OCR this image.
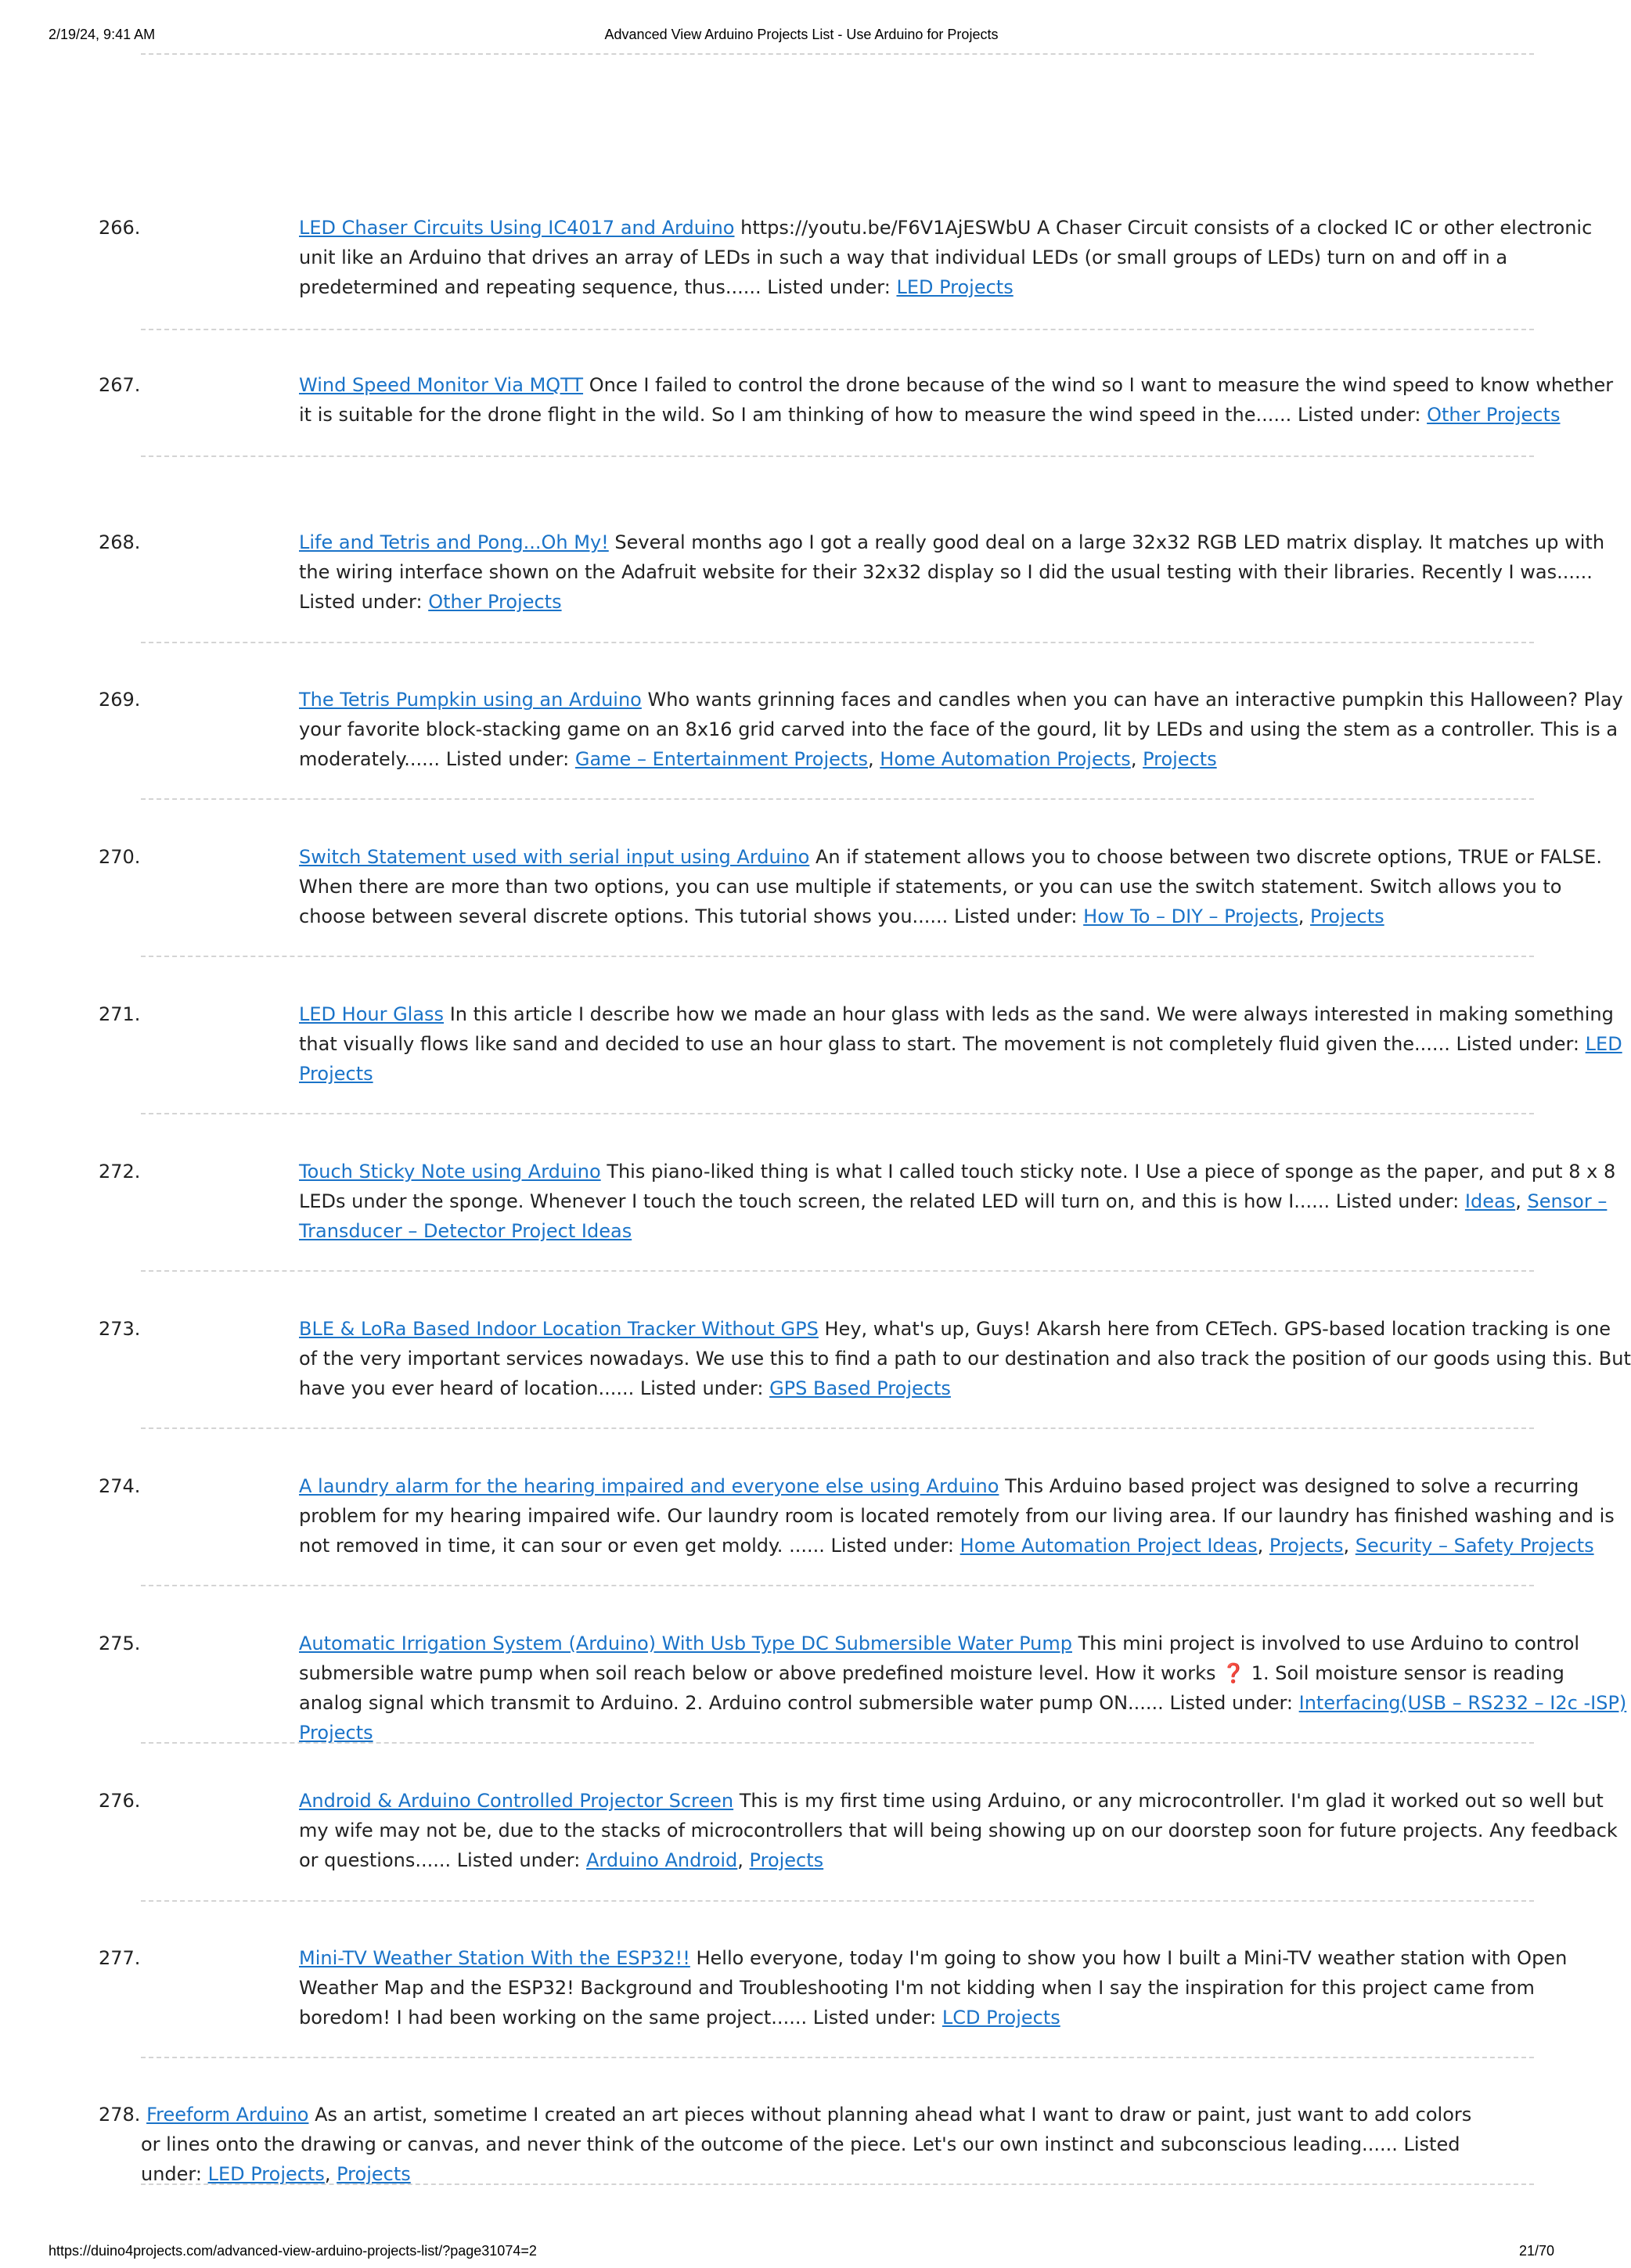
2/19/24, 9:41 AM	Advanced View Arduino Projects List - Use Arduino for Projects
266.	LED Chaser Circuits Using IC4017 and Arduino https://youtu.be/F6V1AjESWbU A Chaser Circuit consists of a clocked IC or other electronic unit like an Arduino that drives an array of LEDs in such a way that individual LEDs (or small groups of LEDs) turn on and off in a predetermined and repeating sequence, thus...... Listed under: LED Projects
267.	Wind Speed Monitor Via MQTT Once I failed to control the drone because of the wind so I want to measure the wind speed to know whether it is suitable for the drone flight in the wild. So I am thinking of how to measure the wind speed in the...... Listed under: Other Projects
268.	Life and Tetris and Pong...Oh My! Several months ago I got a really good deal on a large 32x32 RGB LED matrix display. It matches up with the wiring interface shown on the Adafruit website for their 32x32 display so I did the usual testing with their libraries. Recently I was...... Listed under: Other Projects
269.	The Tetris Pumpkin using an Arduino Who wants grinning faces and candles when you can have an interactive pumpkin this Halloween? Play your favorite block-stacking game on an 8x16 grid carved into the face of the gourd, lit by LEDs and using the stem as a controller. This is a moderately...... Listed under: Game – Entertainment Projects, Home Automation Projects, Projects
270.	Switch Statement used with serial input using Arduino An if statement allows you to choose between two discrete options, TRUE or FALSE. When there are more than two options, you can use multiple if statements, or you can use the switch statement. Switch allows you to choose between several discrete options. This tutorial shows you...... Listed under: How To – DIY – Projects, Projects
271.	LED Hour Glass In this article I describe how we made an hour glass with leds as the sand. We were always interested in making something that visually flows like sand and decided to use an hour glass to start. The movement is not completely fluid given the...... Listed under: LED Projects
272.	Touch Sticky Note using Arduino This piano-liked thing is what I called touch sticky note. I Use a piece of sponge as the paper, and put 8 x 8 LEDs under the sponge. Whenever I touch the touch screen, the related LED will turn on, and this is how I...... Listed under: Ideas, Sensor – Transducer – Detector Project Ideas
273.	BLE & LoRa Based Indoor Location Tracker Without GPS Hey, what's up, Guys! Akarsh here from CETech. GPS-based location tracking is one of the very important services nowadays. We use this to find a path to our destination and also track the position of our goods using this. But have you ever heard of location...... Listed under: GPS Based Projects
274.	A laundry alarm for the hearing impaired and everyone else using Arduino This Arduino based project was designed to solve a recurring problem for my hearing impaired wife. Our laundry room is located remotely from our living area. If our laundry has finished washing and is not removed in time, it can sour or even get moldy. ...... Listed under: Home Automation Project Ideas, Projects, Security – Safety Projects
275.	Automatic Irrigation System (Arduino) With Usb Type DC Submersible Water Pump This mini project is involved to use Arduino to control submersible watre pump when soil reach below or above predefined moisture level. How it works ❓ 1. Soil moisture sensor is reading analog signal which transmit to Arduino. 2. Arduino control submersible water pump ON...... Listed under: Interfacing(USB – RS232 – I2c -ISP) Projects
276.	Android & Arduino Controlled Projector Screen This is my first time using Arduino, or any microcontroller. I'm glad it worked out so well but my wife may not be, due to the stacks of microcontrollers that will being showing up on our doorstep soon for future projects. Any feedback or questions...... Listed under: Arduino Android, Projects
277.	Mini-TV Weather Station With the ESP32!! Hello everyone, today I'm going to show you how I built a Mini-TV weather station with Open Weather Map and the ESP32! Background and Troubleshooting I'm not kidding when I say the inspiration for this project came from boredom! I had been working on the same project...... Listed under: LCD Projects
278. Freeform Arduino As an artist, sometime I created an art pieces without planning ahead what I want to draw or paint, just want to add colors or lines onto the drawing or canvas, and never think of the outcome of the piece. Let's our own instinct and subconscious leading...... Listed under: LED Projects, Projects
https://duino4projects.com/advanced-view-arduino-projects-list/?page31074=2	21/70
